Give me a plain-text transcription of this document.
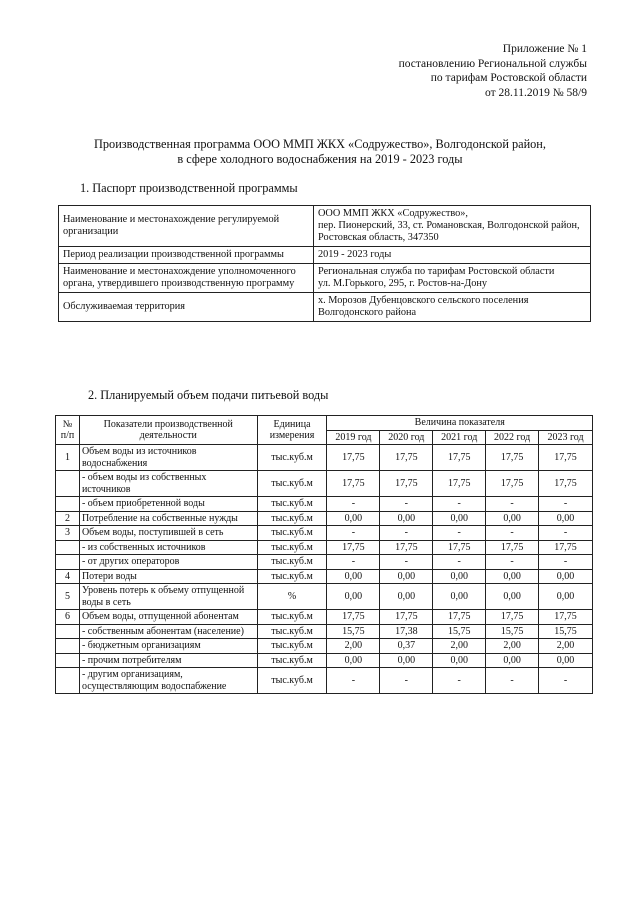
Приложение № 1
постановлению Региональной службы
по тарифам Ростовской области
от 28.11.2019 № 58/9
Производственная программа ООО ММП ЖКХ «Содружество», Волгодонской район,
в сфере холодного водоснабжения на 2019 - 2023 годы
1. Паспорт производственной программы
Наименование и местонахождение регулируемой организации	ООО ММП ЖКХ «Содружество»,
пер. Пионерский, 33, ст. Романовская, Волгодонской район, Ростовская область, 347350

Период реализации производственной программы	2019 - 2023 годы

Наименование и местонахождение уполномоченного органа, утвердившего производственную программу	Региональная служба по тарифам Ростовской области
ул. М.Горького, 295, г. Ростов-на-Дону

Обслуживаемая территория	х. Морозов Дубенцовского сельского поселения Волгодонского района
2. Планируемый объем подачи питьевой воды
№ п/п	Показатели производственной деятельности	Единица измерения	Величина показателя				
			2019 год	2020 год	2021 год	2022 год	2023 год
1	Объем воды из источников водоснабжения	тыс.куб.м	17,75	17,75	17,75	17,75	17,75
	- объем воды из собственных источников	тыс.куб.м	17,75	17,75	17,75	17,75	17,75
	- объем приобретенной воды	тыс.куб.м	-	-	-	-	-
2	Потребление на собственные нужды	тыс.куб.м	0,00	0,00	0,00	0,00	0,00
3	Объем воды, поступившей в сеть	тыс.куб.м	-	-	-	-	-
	- из собственных источников	тыс.куб.м	17,75	17,75	17,75	17,75	17,75
	- от других операторов	тыс.куб.м	-	-	-	-	-
4	Потери воды	тыс.куб.м	0,00	0,00	0,00	0,00	0,00
5	Уровень потерь к объему отпущенной воды в сеть	%	0,00	0,00	0,00	0,00	0,00
6	Объем воды, отпущенной абонентам	тыс.куб.м	17,75	17,75	17,75	17,75	17,75
	- собственным абонентам (население)	тыс.куб.м	15,75	17,38	15,75	15,75	15,75
	- бюджетным организациям	тыс.куб.м	2,00	0,37	2,00	2,00	2,00
	- прочим потребителям	тыс.куб.м	0,00	0,00	0,00	0,00	0,00
	- другим организациям, осуществляющим водоспабжение	тыс.куб.м	-	-	-	-	-
